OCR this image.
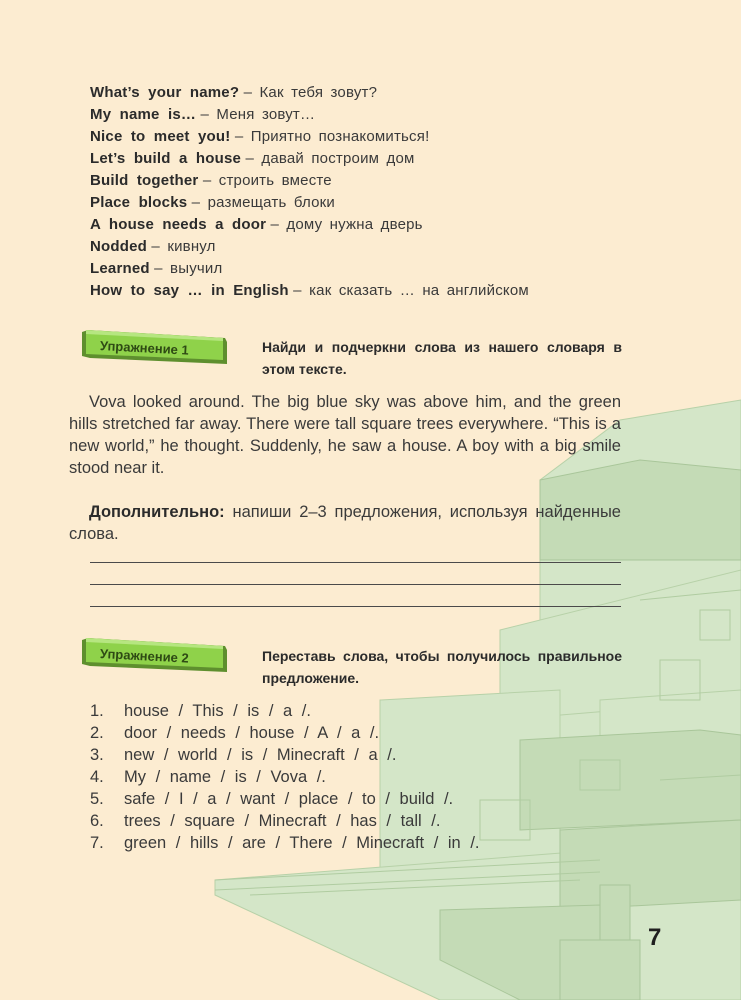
What’s your name? – Как тебя зовут?
My name is… – Меня зовут…
Nice to meet you! – Приятно познакомиться!
Let’s build a house – давай построим дом
Build together – строить вместе
Place blocks – размещать блоки
A house needs a door – дому нужна дверь
Nodded – кивнул
Learned – выучил
How to say … in English – как сказать … на английском
Упражнение 1	Найди и подчеркни слова из нашего словаря в этом тексте.

Vova looked around. The big blue sky was above him, and the green hills stretched far away. There were tall square trees everywhere. “This is a new world,” he thought. Suddenly, he saw a house. A boy with a big smile stood near it.

Дополнительно: напиши 2–3 предложения, используя найденные слова.

Упражнение 2	Переставь слова, чтобы получилось правильное предложение.
1. house / This / is / a /.
2. door / needs / house / A / a /.
3. new / world / is / Minecraft / a /.
4. My / name / is / Vova /.
5. safe / I / a / want / place / to / build /.
6. trees / square / Minecraft / has / tall /.
7. green / hills / are / There / Minecraft / in /.
7
